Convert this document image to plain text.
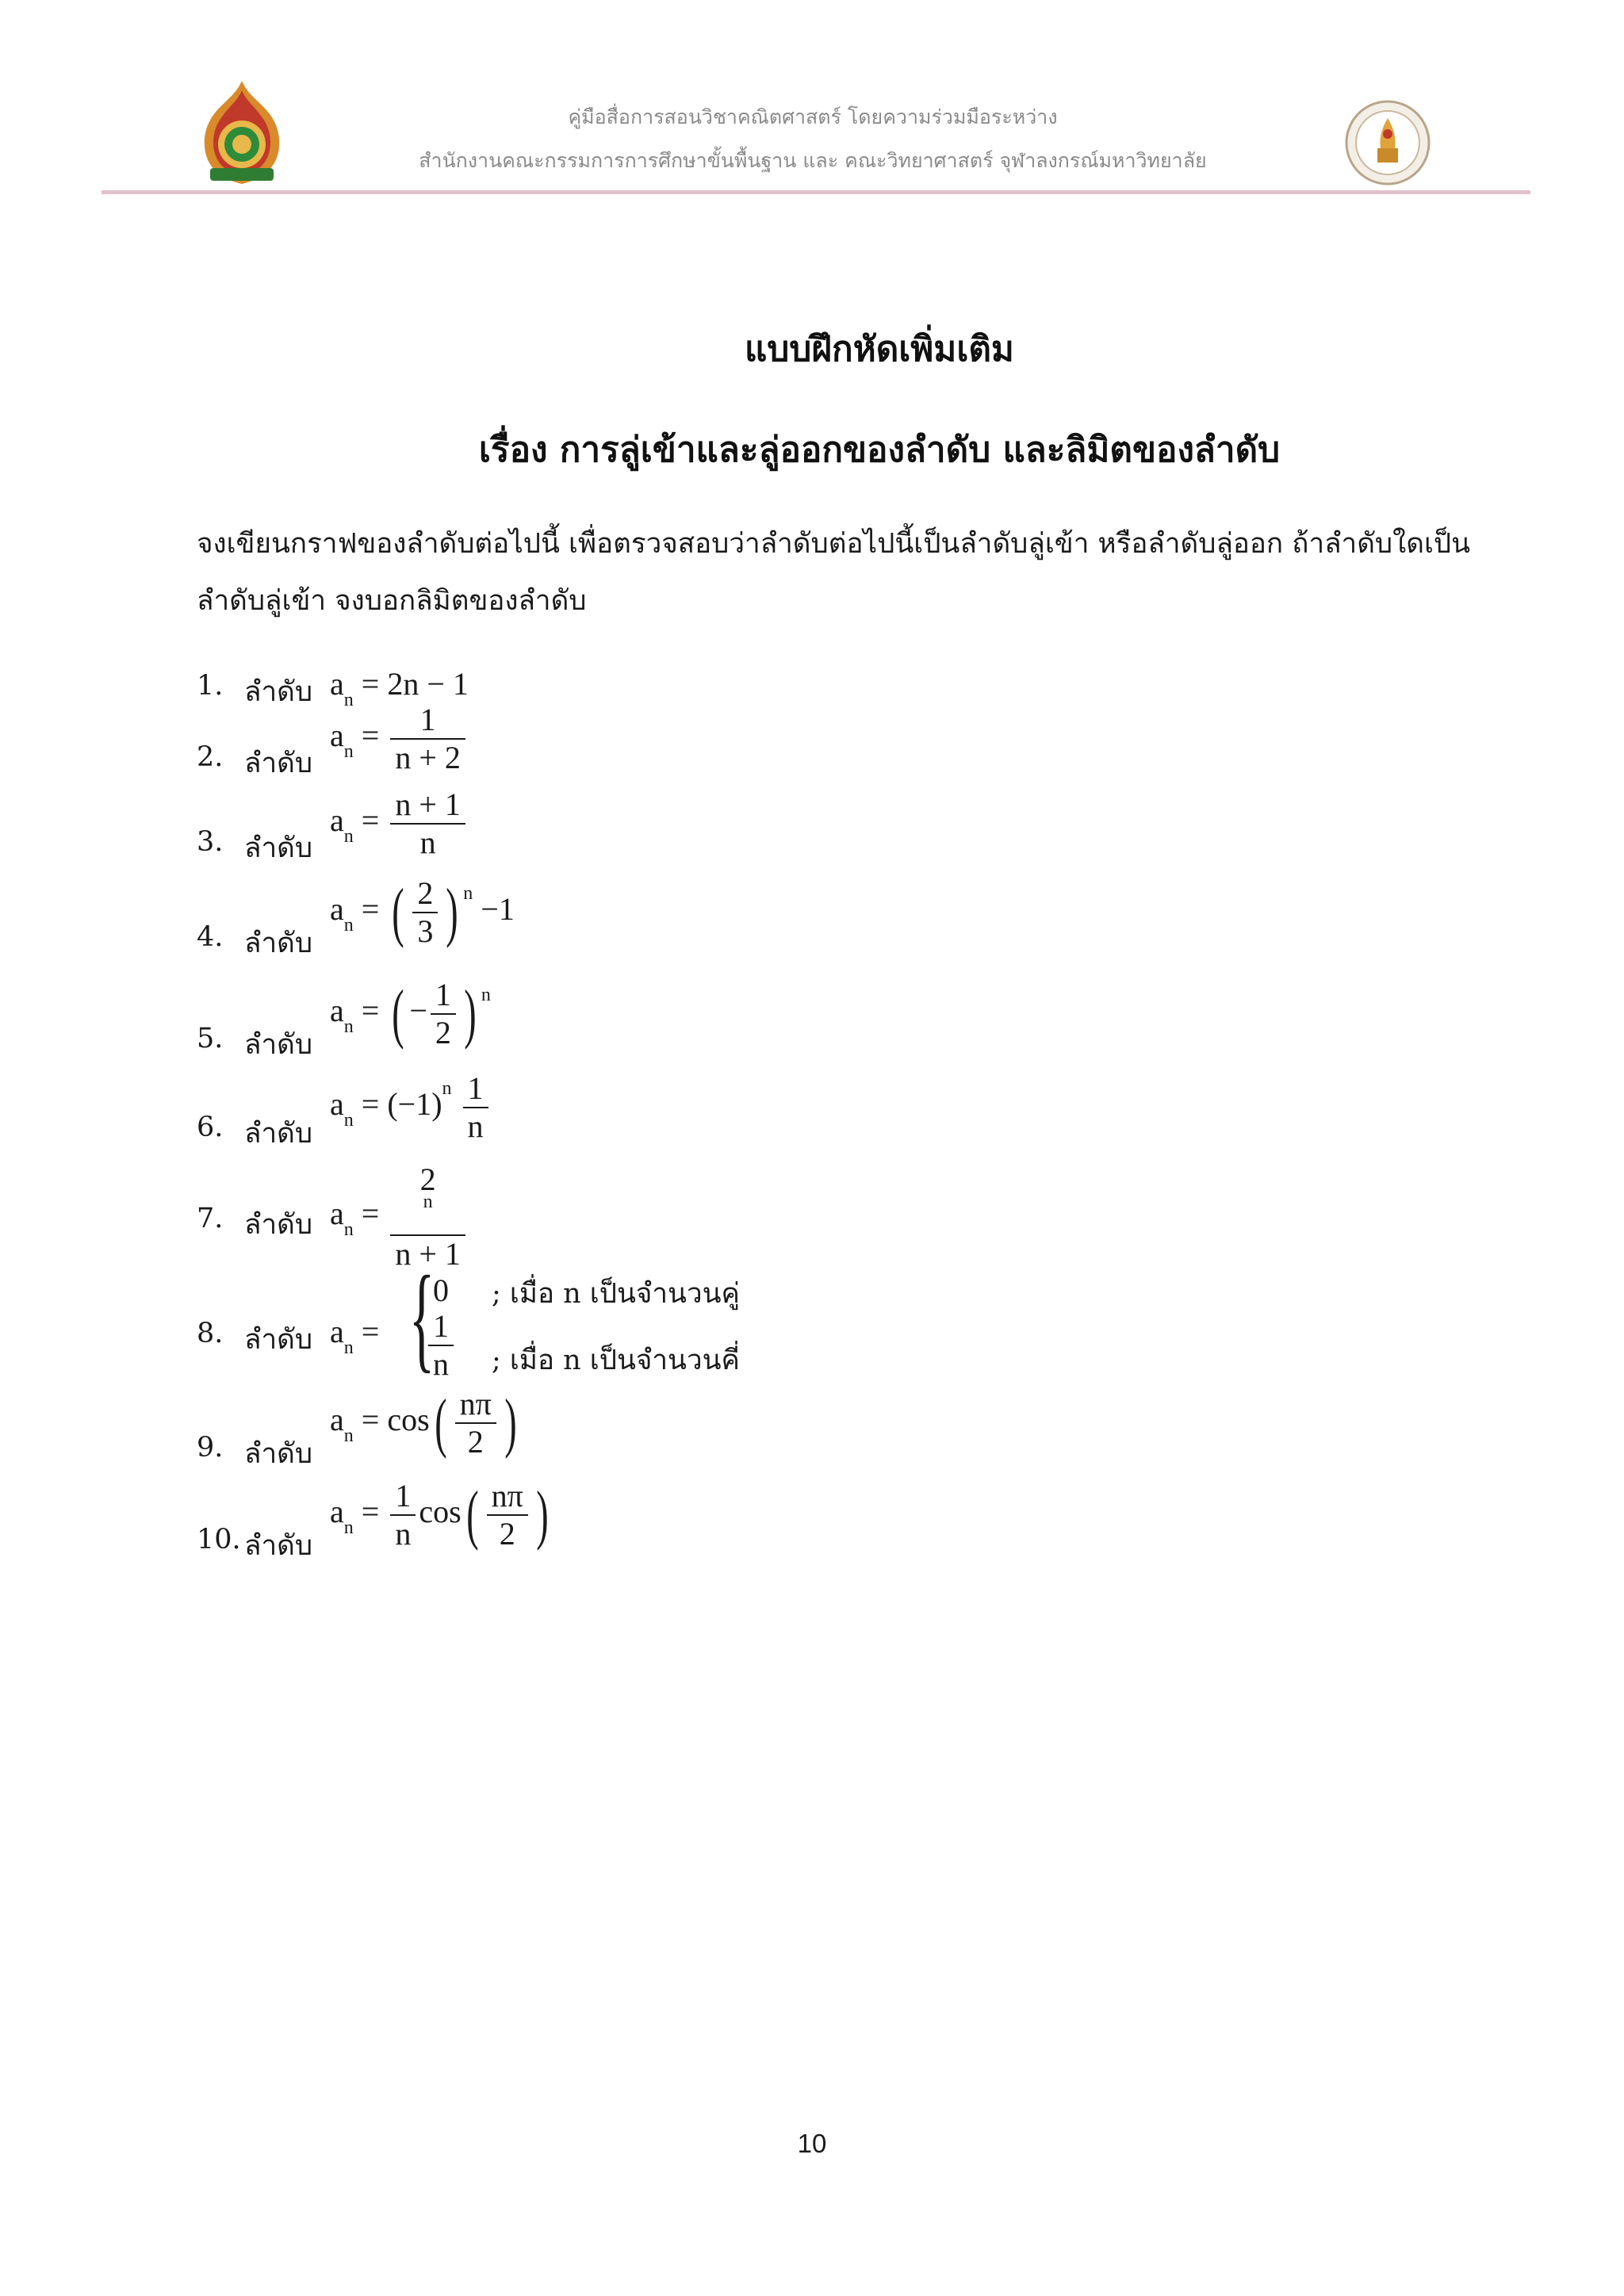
คู่มือสื่อการสอนวิชาคณิตศาสตร์ โดยความร่วมมือระหว่าง
สำนักงานคณะกรรมการการศึกษาขั้นพื้นฐาน และ คณะวิทยาศาสตร์ จุฬาลงกรณ์มหาวิทยาลัย
แบบฝึกหัดเพิ่มเติม
เรื่อง การลู่เข้าและลู่ออกของลำดับ และลิมิตของลำดับ
จงเขียนกราฟของลำดับต่อไปนี้ เพื่อตรวจสอบว่าลำดับต่อไปนี้เป็นลำดับลู่เข้า หรือลำดับลู่ออก ถ้าลำดับใดเป็นลำดับลู่เข้า จงบอกลิมิตของลำดับ
1. ลำดับ $a_n = 2n - 1$
2. ลำดับ
$a_n = \frac{1}{n + 2}$
3. ลำดับ
$a_n = \frac{n + 1}{n}$
4. ลำดับ
$a_n$ = ( $\frac{2}{3}$ ) $^n$ −1
5. ลำดับ
$a_n$ = ( − $\frac{1}{2}$ ) $^n$
6. ลำดับ
$a_n = (-1)^n \frac{1}{n}$
7. ลำดับ $a_n = 2$
n
n + 1
8. ลำดับ $a_n$ = {
0 ; เมื่อ n เป็นจำนวนคู่
$\frac{1}{n}$ ; เมื่อ n เป็นจำนวนคี่
9. ลำดับ
$a_n = \cos( \frac{n\pi}{2}$ )
10. ลำดับ
$a_n = \frac{1}{n} \cos( \frac{n\pi}{2}$ )
10
